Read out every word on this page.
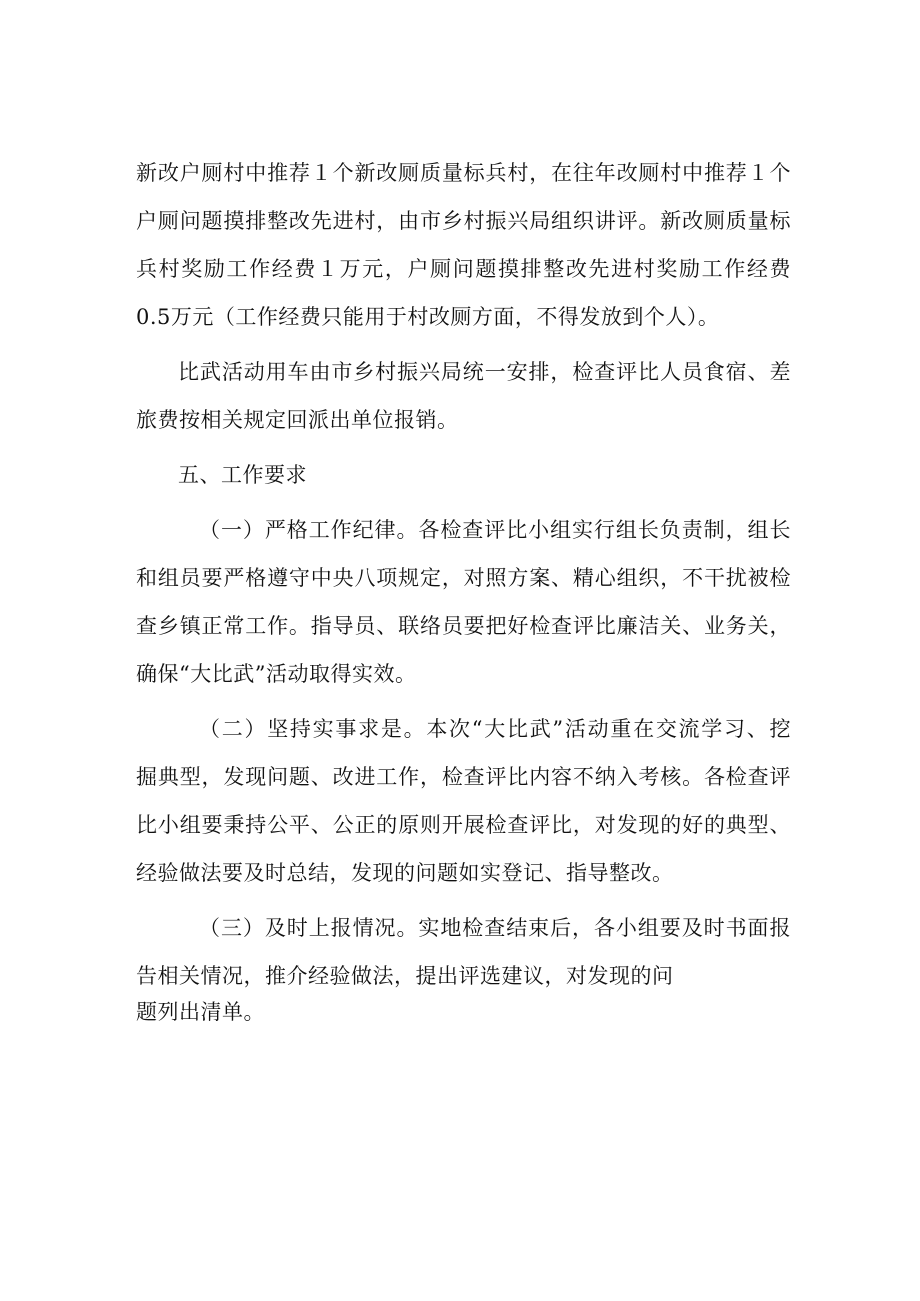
新改户厕村中推荐１个新改厕质量标兵村，在往年改厕村中推荐１个
户厕问题摸排整改先进村，由市乡村振兴局组织讲评。新改厕质量标
兵村奖励工作经费１万元，户厕问题摸排整改先进村奖励工作经费
0.5万元（工作经费只能用于村改厕方面，不得发放到个人）。
比武活动用车由市乡村振兴局统一安排，检查评比人员食宿、差
旅费按相关规定回派出单位报销。
五、工作要求
（一）严格工作纪律。各检查评比小组实行组长负责制，组长
和组员要严格遵守中央八项规定，对照方案、精心组织，不干扰被检
查乡镇正常工作。指导员、联络员要把好检查评比廉洁关、业务关，
确保“大比武”活动取得实效。
（二）坚持实事求是。本次“大比武”活动重在交流学习、挖
掘典型，发现问题、改进工作，检查评比内容不纳入考核。各检查评
比小组要秉持公平、公正的原则开展检查评比，对发现的好的典型、
经验做法要及时总结，发现的问题如实登记、指导整改。
（三）及时上报情况。实地检查结束后，各小组要及时书面报
告相关情况，推介经验做法，提出评选建议，对发现的问
题列出清单。
